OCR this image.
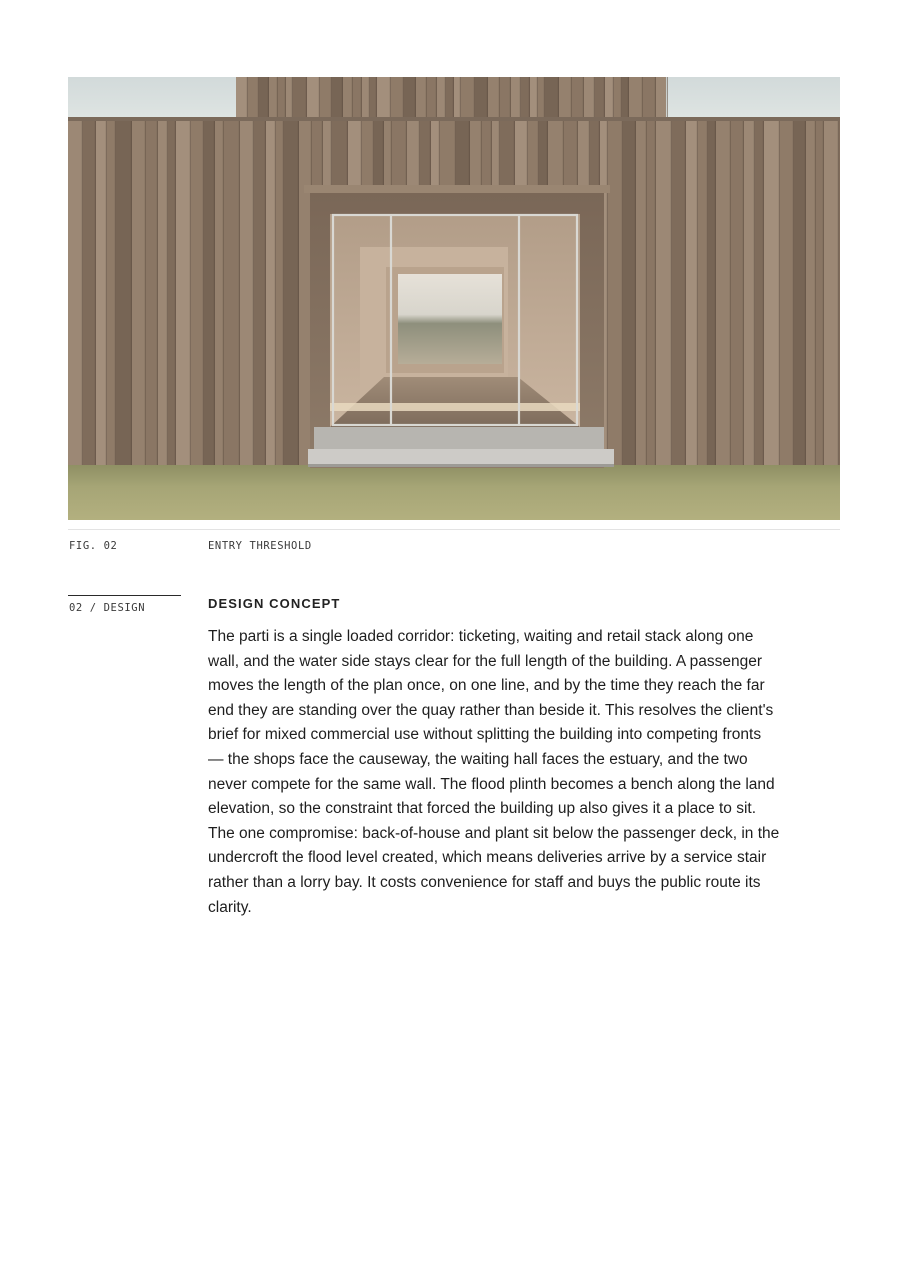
FIG. 02	ENTRY THRESHOLD
02 / DESIGN	DESIGN CONCEPT

The parti is a single loaded corridor: ticketing, waiting and retail stack along one wall, and the water side stays clear for the full length of the building. A passenger moves the length of the plan once, on one line, and by the time they reach the far end they are standing over the quay rather than beside it. This resolves the client's brief for mixed commercial use without splitting the building into competing fronts — the shops face the causeway, the waiting hall faces the estuary, and the two never compete for the same wall. The flood plinth becomes a bench along the land elevation, so the constraint that forced the building up also gives it a place to sit. The one compromise: back-of-house and plant sit below the passenger deck, in the undercroft the flood level created, which means deliveries arrive by a service stair rather than a lorry bay. It costs convenience for staff and buys the public route its clarity.
